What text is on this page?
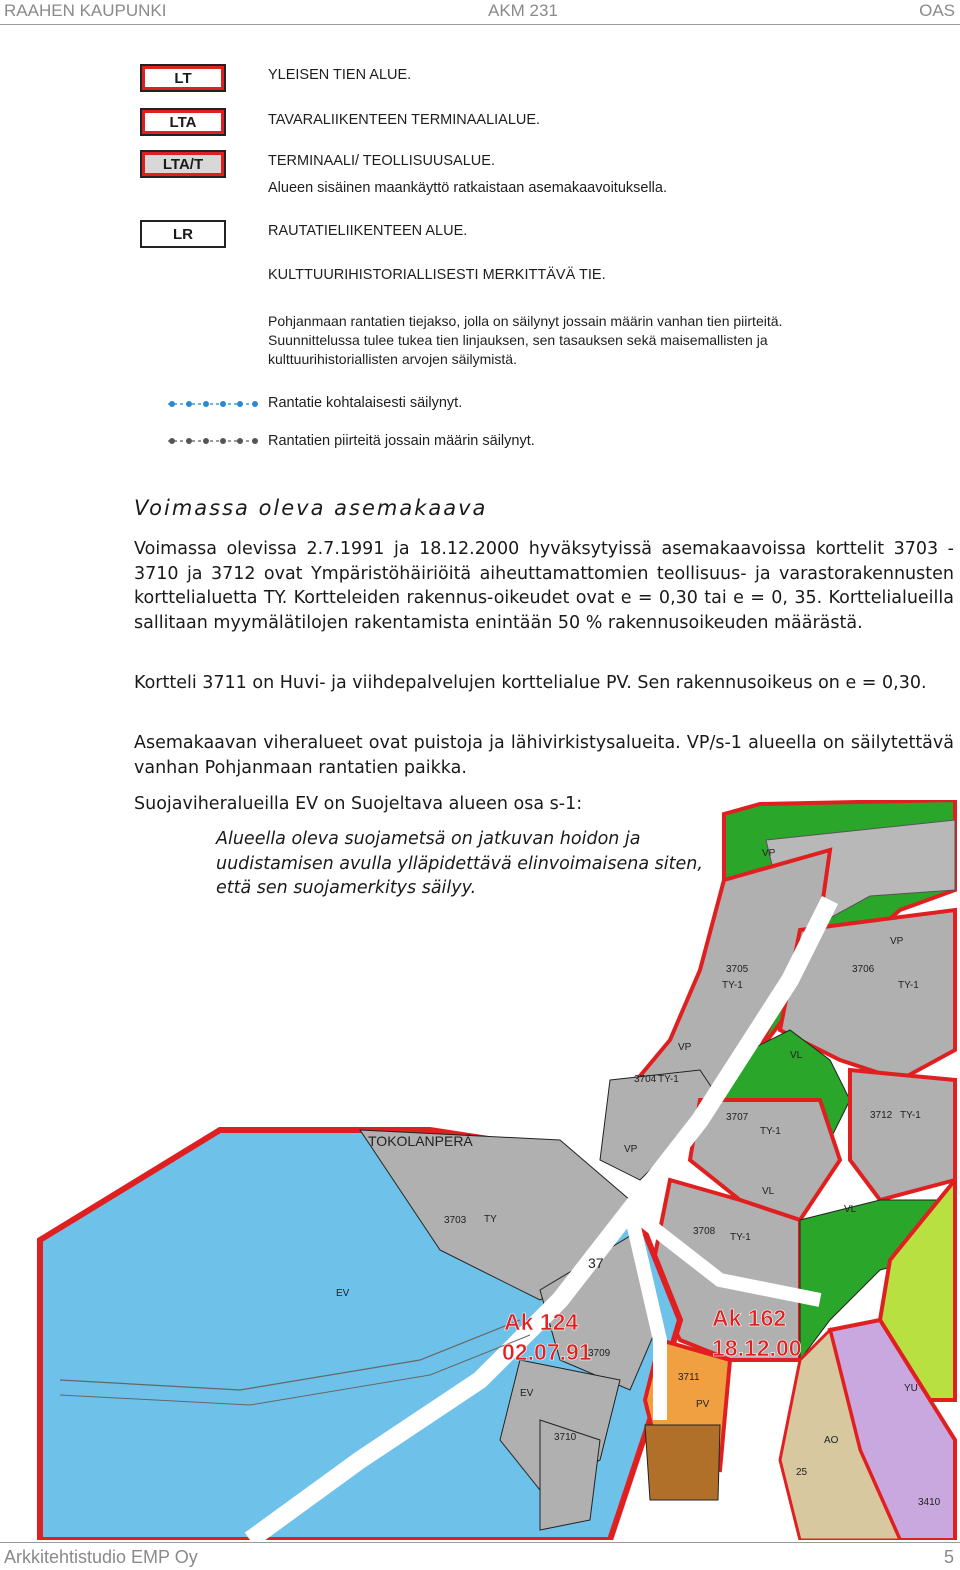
RAAHEN KAUPUNKI	AKM 231	OAS
LT	YLEISEN TIEN ALUE.
LTA	TAVARALIIKENTEEN TERMINAALIALUE.
LTA/T	TERMINAALI/ TEOLLISUUSALUE.
Alueen sisäinen maankäyttö ratkaistaan asemakaavoituksella.
LR	RAUTATIELIIKENTEEN ALUE.
KULTTUURIHISTORIALLISESTI MERKITTÄVÄ TIE.
Pohjanmaan rantatien tiejakso, jolla on säilynyt jossain määrin vanhan tien piirteitä.
Suunnittelussa tulee tukea tien linjauksen, sen tasauksen sekä maisemallisten ja
kulttuurihistoriallisten arvojen säilymistä.
Rantatie kohtalaisesti säilynyt.
Rantatien piirteitä jossain määrin säilynyt.
Voimassa oleva asemakaava
Voimassa olevissa 2.7.1991 ja 18.12.2000 hyväksytyissä asemakaavoissa korttelit 3703 - 3710 ja 3712 ovat Ympäristöhäiriöitä aiheuttamattomien teollisuus- ja varastorakennusten korttelialuetta TY. Kortteleiden rakennus-oikeudet ovat e = 0,30 tai e = 0, 35. Korttelialueilla sallitaan myymälätilojen rakentamista enintään 50 % rakennusoikeuden määrästä.
Kortteli 3711 on Huvi- ja viihdepalvelujen korttelialue PV. Sen rakennusoikeus on e = 0,30.
Asemakaavan viheralueet ovat puistoja ja lähivirkistysalueita. VP/s-1 alueella on säilytettävä vanhan Pohjanmaan rantatien paikka.
Suojaviheralueilla EV on Suojeltava alueen osa s-1:
3705
TY-1
3706
TY-1
3704 TY-1
3707
TY-1
3712 TY-1
3708
TY-1
3703 TY
3709
3710
3711
PV
3410
25
EV
EV	YU
AO
VP
VP
VP
VP
VL
VL
VL
37
TOKOLANPERÄ
Ak 124
02.07.91
Ak 162
18.12.00
Alueella oleva suojametsä on jatkuvan hoidon ja uudistamisen avulla ylläpidettävä elinvoimaisena siten, että sen suojamerkitys säilyy.
Arkkitehtistudio EMP Oy	5
